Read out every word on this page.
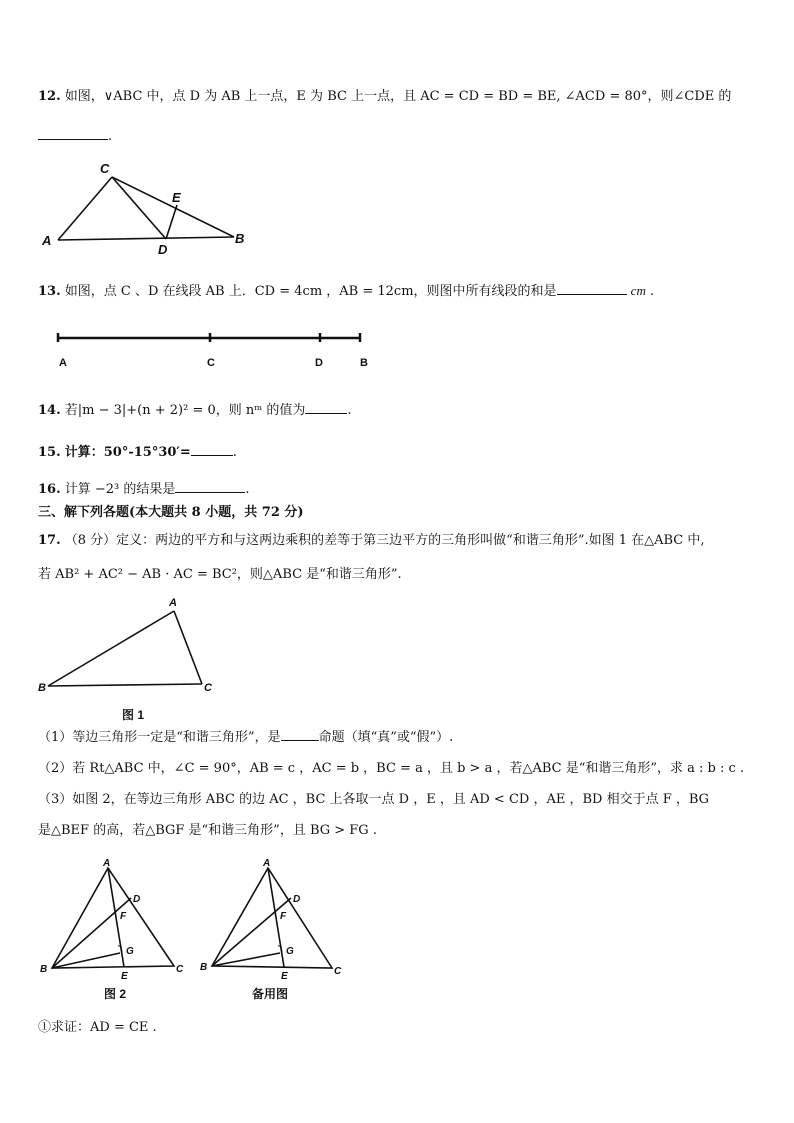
12. 如图，∨ABC 中，点 D 为 AB 上一点，E 为 BC 上一点，且 AC = CD = BD = BE, ∠ACD = 80°，则∠CDE 的
.
C
E
A
D
B
13. 如图，点 C 、D 在线段 AB 上．CD = 4cm ，AB = 12cm，则图中所有线段的和是	cm .
A	C	D	B
14. 若|m − 3|+(n + 2)² = 0，则 nᵐ 的值为	.
15. 计算：50°-15°30′=	.
16. 计算 −2³ 的结果是	.
三、解下列各题(本大题共 8 小题，共 72 分)
17. （8 分）定义：两边的平方和与这两边乘积的差等于第三边平方的三角形叫做“和谐三角形”.如图 1 在△ABC 中,
若 AB² + AC² − AB · AC = BC²，则△ABC 是“和谐三角形”.
A
B	C
图 1
（1）等边三角形一定是“和谐三角形”，是	命题（填“真”或“假”）.
（2）若 Rt△ABC 中，∠C = 90°，AB = c ，AC = b ，BC = a ，且 b > a ，若△ABC 是“和谐三角形”，求 a : b : c .
（3）如图 2，在等边三角形 ABC 的边 AC ，BC 上各取一点 D ，E ，且 AD < CD ，AE ，BD 相交于点 F ，BG
是△BEF 的高，若△BGF 是“和谐三角形”，且 BG > FG .
A
D
F
G
B
E
C
图 2
A
D
F
G
B
E	C
备用图
①求证：AD = CE .
